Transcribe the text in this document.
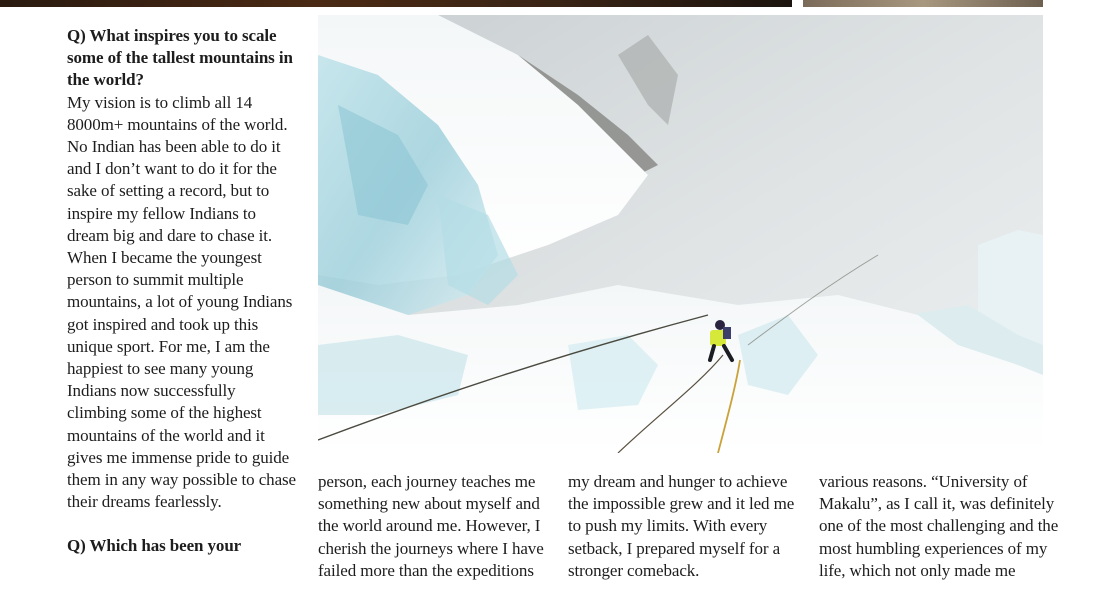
Q) What inspires you to scale some of the tallest mountains in the world?

My vision is to climb all 14 8000m+ mountains of the world. No Indian has been able to do it and I don’t want to do it for the sake of setting a record, but to inspire my fellow Indians to dream big and dare to chase it. When I became the youngest person to summit multiple mountains, a lot of young Indians got inspired and took up this unique sport. For me, I am the happiest to see many young Indians now successfully climbing some of the highest mountains of the world and it gives me immense pride to guide them in any way possible to chase their dreams fearlessly.

Q) Which has been your

person, each journey teaches me something new about myself and the world around me. However, I cherish the journeys where I have failed more than the expeditions

my dream and hunger to achieve the impossible grew and it led me to push my limits. With every setback, I prepared myself for a stronger comeback.

various reasons. “University of Makalu”, as I call it, was definitely one of the most challenging and the most humbling experiences of my life, which not only made me
